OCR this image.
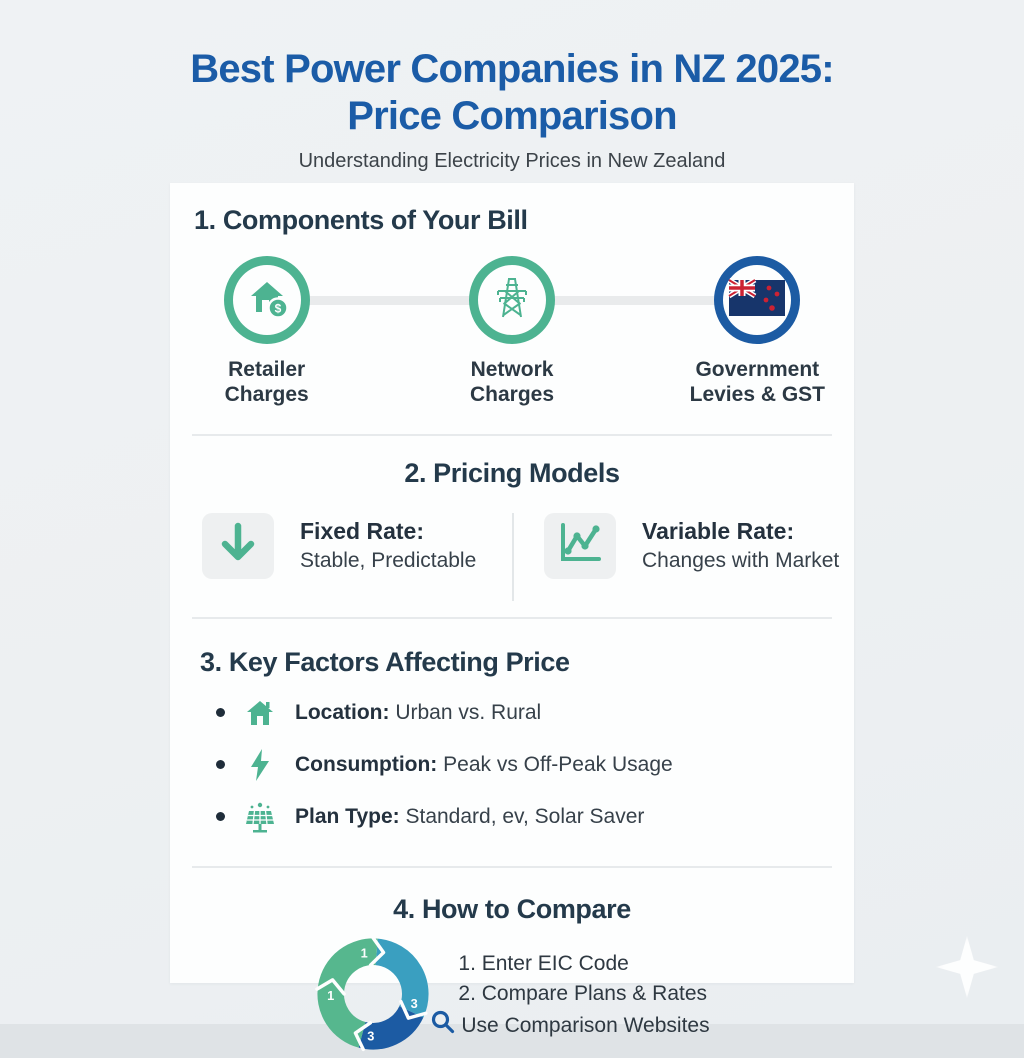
Best Power Companies in NZ 2025:
Price Comparison
Understanding Electricity Prices in New Zealand
1. Components of Your Bill
$
Retailer
Charges
Network
Charges
Government
Levies & GST
2. Pricing Models
Fixed Rate:
Stable, Predictable
Variable Rate:
Changes with Market
3. Key Factors Affecting Price
Location: Urban vs. Rural
Consumption: Peak vs Off-Peak Usage
Plan Type: Standard, ev, Solar Saver
4. How to Compare
1
3
3
1
1. Enter EIC Code
2. Compare Plans & Rates
Use Comparison Websites
